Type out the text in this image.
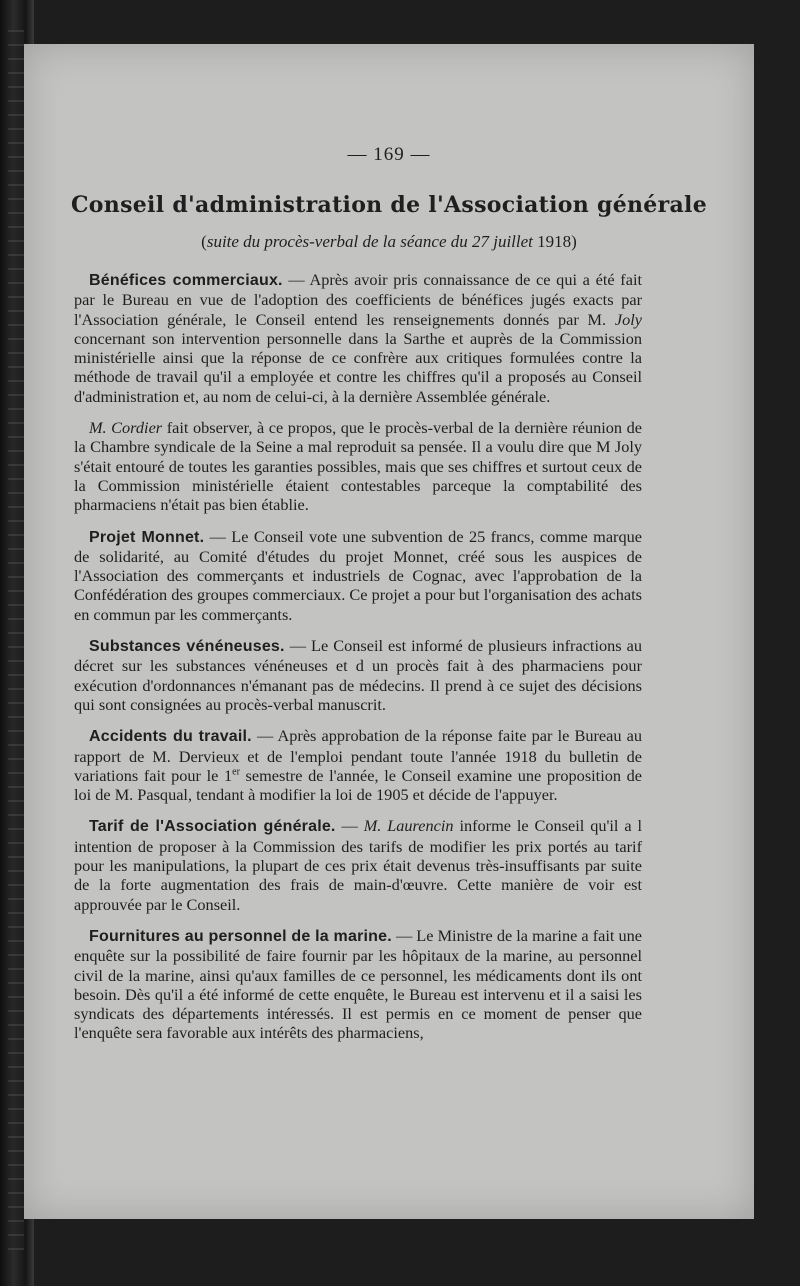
— 169 —
Conseil d'administration de l'Association générale
(suite du procès-verbal de la séance du 27 juillet 1918)

Bénéfices commerciaux. — Après avoir pris connaissance de ce qui a été fait par le Bureau en vue de l'adoption des coefficients de bénéfices jugés exacts par l'Association générale, le Conseil entend les renseignements donnés par M. Joly concernant son intervention personnelle dans la Sarthe et auprès de la Commission ministérielle ainsi que la réponse de ce confrère aux critiques formulées contre la méthode de travail qu'il a employée et contre les chiffres qu'il a proposés au Conseil d'administration et, au nom de celui-ci, à la dernière Assemblée générale.

M. Cordier fait observer, à ce propos, que le procès-verbal de la dernière réunion de la Chambre syndicale de la Seine a mal reproduit sa pensée. Il a voulu dire que M Joly s'était entouré de toutes les garanties possibles, mais que ses chiffres et surtout ceux de la Commission ministérielle étaient contestables parceque la comptabilité des pharmaciens n'était pas bien établie.

Projet Monnet. — Le Conseil vote une subvention de 25 francs, comme marque de solidarité, au Comité d'études du projet Monnet, créé sous les auspices de l'Association des commerçants et industriels de Cognac, avec l'approbation de la Confédération des groupes commerciaux. Ce projet a pour but l'organisation des achats en commun par les commerçants.

Substances vénéneuses. — Le Conseil est informé de plusieurs infractions au décret sur les substances vénéneuses et d un procès fait à des pharmaciens pour exécution d'ordonnances n'émanant pas de médecins. Il prend à ce sujet des décisions qui sont consignées au procès-verbal manuscrit.

Accidents du travail. — Après approbation de la réponse faite par le Bureau au rapport de M. Dervieux et de l'emploi pendant toute l'année 1918 du bulletin de variations fait pour le 1er semestre de l'année, le Conseil examine une proposition de loi de M. Pasqual, tendant à modifier la loi de 1905 et décide de l'appuyer.

Tarif de l'Association générale. — M. Laurencin informe le Conseil qu'il a l intention de proposer à la Commission des tarifs de modifier les prix portés au tarif pour les manipulations, la plupart de ces prix était devenus très-insuffisants par suite de la forte augmentation des frais de main-d'œuvre. Cette manière de voir est approuvée par le Conseil.

Fournitures au personnel de la marine. — Le Ministre de la marine a fait une enquête sur la possibilité de faire fournir par les hôpitaux de la marine, au personnel civil de la marine, ainsi qu'aux familles de ce personnel, les médicaments dont ils ont besoin. Dès qu'il a été informé de cette enquête, le Bureau est intervenu et il a saisi les syndicats des départements intéressés. Il est permis en ce moment de penser que l'enquête sera favorable aux intérêts des pharmaciens,
